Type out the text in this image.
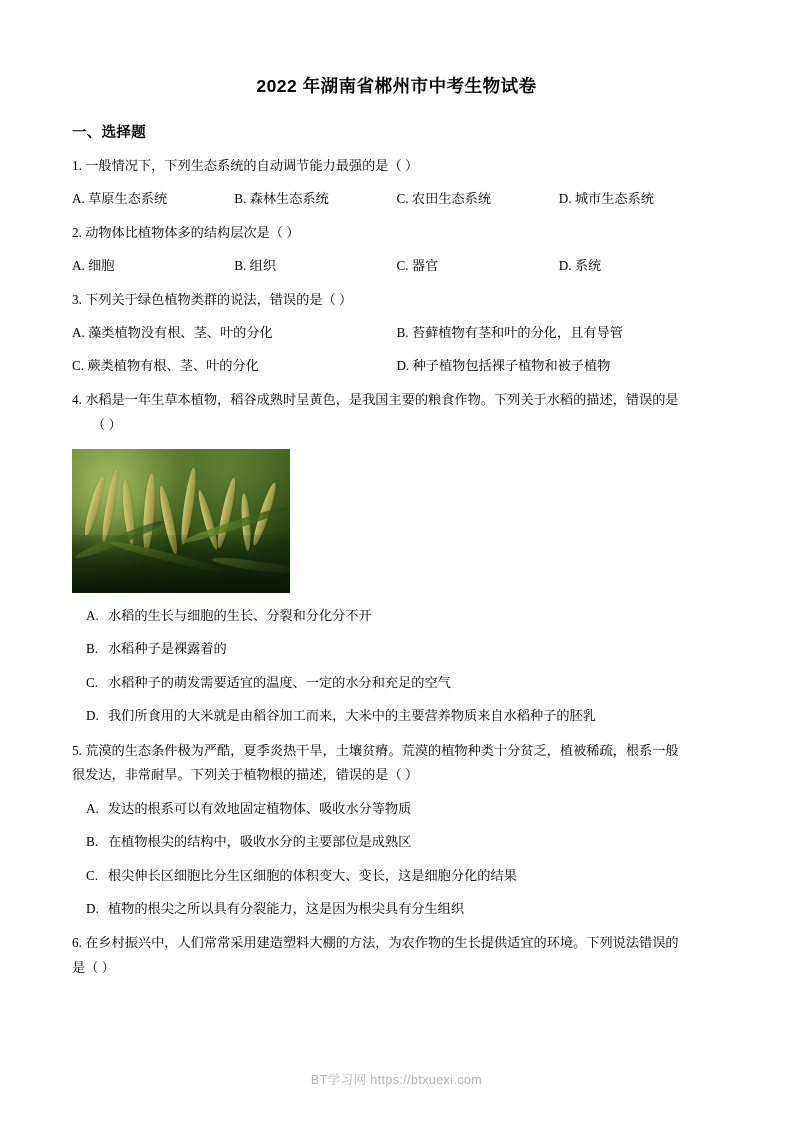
2022 年湖南省郴州市中考生物试卷
一、选择题
1. 一般情况下，下列生态系统的自动调节能力最强的是（ ）
A. 草原生态系统	B. 森林生态系统	C. 农田生态系统	D. 城市生态系统
2. 动物体比植物体多的结构层次是（ ）
A. 细胞	B. 组织	C. 器官	D. 系统
3. 下列关于绿色植物类群的说法，错误的是（ ）
A. 藻类植物没有根、茎、叶的分化	B. 苔藓植物有茎和叶的分化，且有导管
C. 蕨类植物有根、茎、叶的分化	D. 种子植物包括裸子植物和被子植物
4. 水稻是一年生草本植物，稻谷成熟时呈黄色，是我国主要的粮食作物。下列关于水稻的描述，错误的是
（ ）
A. 水稻的生长与细胞的生长、分裂和分化分不开
B. 水稻种子是裸露着的
C. 水稻种子的萌发需要适宜的温度、一定的水分和充足的空气
D. 我们所食用的大米就是由稻谷加工而来，大米中的主要营养物质来自水稻种子的胚乳
5. 荒漠的生态条件极为严酷，夏季炎热干旱，土壤贫瘠。荒漠的植物种类十分贫乏，植被稀疏，根系一般
很发达，非常耐旱。下列关于植物根的描述，错误的是（ ）
A. 发达的根系可以有效地固定植物体、吸收水分等物质
B. 在植物根尖的结构中，吸收水分的主要部位是成熟区
C. 根尖伸长区细胞比分生区细胞的体积变大、变长，这是细胞分化的结果
D. 植物的根尖之所以具有分裂能力，这是因为根尖具有分生组织
6. 在乡村振兴中，人们常常采用建造塑料大棚的方法，为农作物的生长提供适宜的环境。下列说法错误的
是（ ）
BT学习网 https://btxuexi.com
